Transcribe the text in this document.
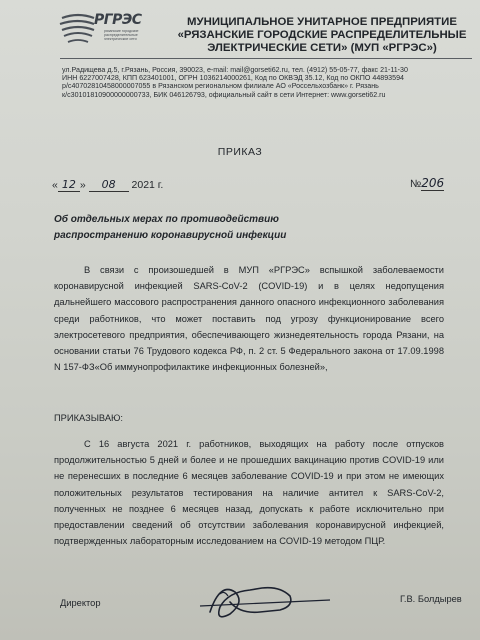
РГРЭС
рязанские городские распределительные электрические сети
МУНИЦИПАЛЬНОЕ УНИТАРНОЕ ПРЕДПРИЯТИЕ
«РЯЗАНСКИЕ ГОРОДСКИЕ РАСПРЕДЕЛИТЕЛЬНЫЕ
ЭЛЕКТРИЧЕСКИЕ СЕТИ» (МУП «РГРЭС»)
ул.Радищева д.5, г.Рязань, Россия, 390023, e-mail: mail@gorseti62.ru, тел. (4912) 55-05-77, факс 21-11-30
ИНН 6227007428, КПП 623401001, ОГРН 1036214000261, Код по ОКВЭД 35.12, Код по ОКПО 44893594
р/с40702810458000007055 в Рязанском региональном филиале АО «Россельхозбанк» г. Рязань
к/с30101810900000000733, БИК 046126793, официальный сайт в сети Интернет: www.gorseti62.ru
ПРИКАЗ
« 12 » 08 2021 г.	№206
Об отдельных мерах по противодействию
распространению коронавирусной инфекции
В связи с произошедшей в МУП «РГРЭС» вспышкой заболеваемости коронавирусной инфекцией SARS-CoV-2 (COVID-19) и в целях недопущения дальнейшего массового распространения данного опасного инфекционного заболевания среди работников, что может поставить под угрозу функционирование всего электросетевого предприятия, обеспечивающего жизнедеятельность города Рязани, на основании статьи 76 Трудового кодекса РФ, п. 2 ст. 5 Федерального закона от 17.09.1998 N 157-ФЗ«Об иммунопрофилактике инфекционных болезней»,
ПРИКАЗЫВАЮ:
С 16 августа 2021 г. работников, выходящих на работу после отпусков продолжительностью 5 дней и более и не прошедших вакцинацию против COVID-19 или не перенесших в последние 6 месяцев заболевание COVID-19 и при этом не имеющих положительных результатов тестирования на наличие антител к SARS-CoV-2, полученных не позднее 6 месяцев назад, допускать к работе исключительно при предоставлении сведений об отсутствии заболевания коронавирусной инфекцией, подтвержденных лабораторным исследованием на COVID-19 методом ПЦР.
Директор	Г.В. Болдырев
